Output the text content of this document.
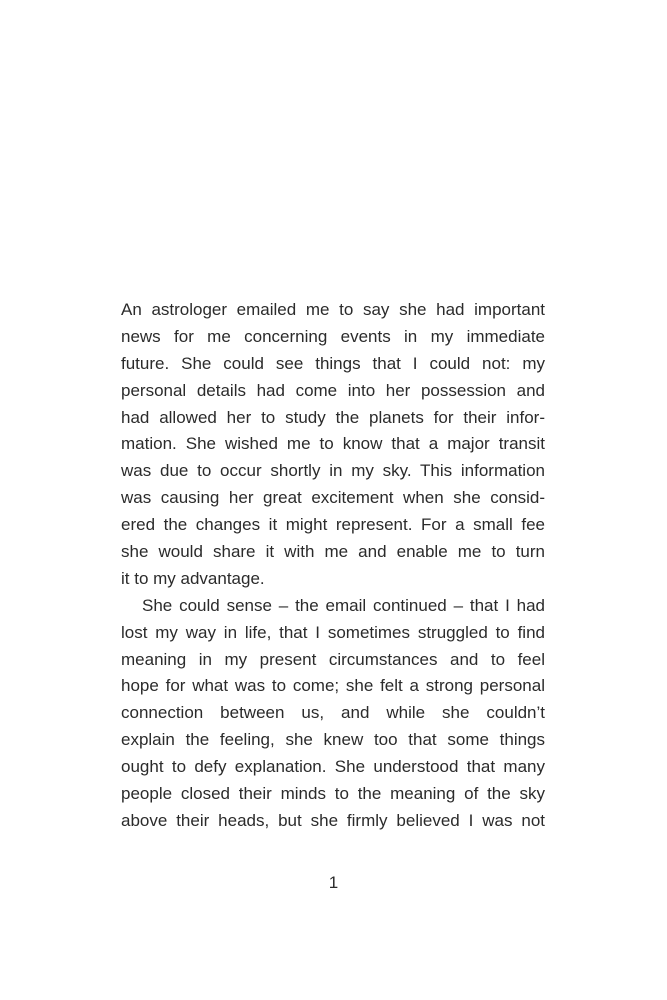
An astrologer emailed me to say she had important
news for me concerning events in my immediate
future. She could see things that I could not: my
personal details had come into her possession and
had allowed her to study the planets for their infor-
mation. She wished me to know that a major transit
was due to occur shortly in my sky. This information
was causing her great excitement when she consid-
ered the changes it might represent. For a small fee
she would share it with me and enable me to turn
it to my advantage.
She could sense – the email continued – that I had
lost my way in life, that I sometimes struggled to find
meaning in my present circumstances and to feel
hope for what was to come; she felt a strong personal
connection between us, and while she couldn’t
explain the feeling, she knew too that some things
ought to defy explanation. She understood that many
people closed their minds to the meaning of the sky
above their heads, but she firmly believed I was not
1
